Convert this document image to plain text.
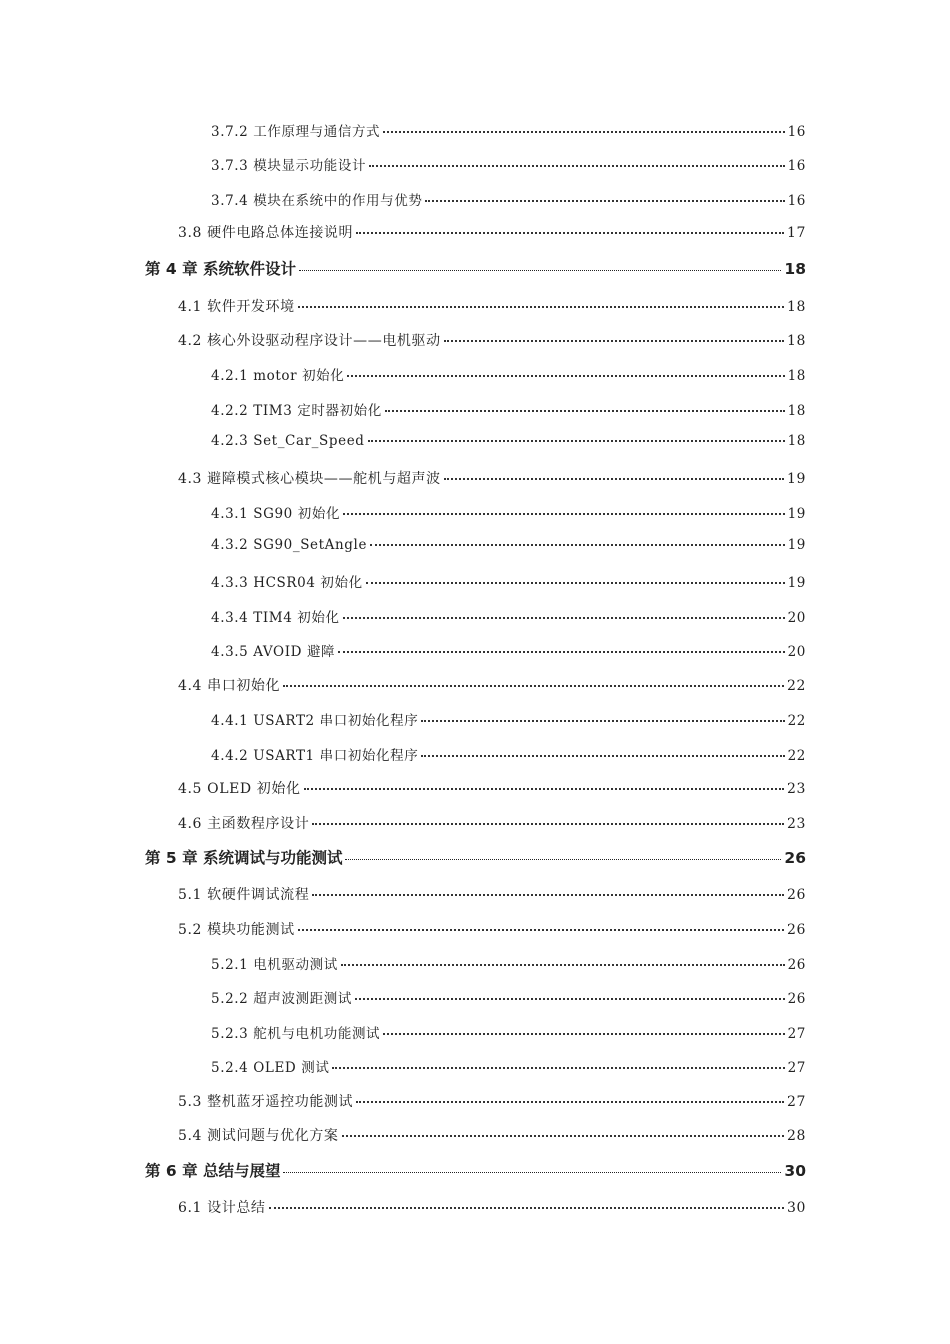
3.7.2 工作原理与通信方式	16
3.7.3 模块显示功能设计	16
3.7.4 模块在系统中的作用与优势	16
3.8 硬件电路总体连接说明	17
第 4 章 系统软件设计	18
4.1 软件开发环境	18
4.2 核心外设驱动程序设计——电机驱动	18
4.2.1 motor 初始化	18
4.2.2 TIM3 定时器初始化	18
4.2.3 Set_Car_Speed	18
4.3 避障模式核心模块——舵机与超声波	19
4.3.1 SG90 初始化	19
4.3.2 SG90_SetAngle	19
4.3.3 HCSR04 初始化	19
4.3.4 TIM4 初始化	20
4.3.5 AVOID 避障	20
4.4 串口初始化	22
4.4.1 USART2 串口初始化程序	22
4.4.2 USART1 串口初始化程序	22
4.5 OLED 初始化	23
4.6 主函数程序设计	23
第 5 章 系统调试与功能测试	26
5.1 软硬件调试流程	26
5.2 模块功能测试	26
5.2.1 电机驱动测试	26
5.2.2 超声波测距测试	26
5.2.3 舵机与电机功能测试	27
5.2.4 OLED 测试	27
5.3 整机蓝牙遥控功能测试	27
5.4 测试问题与优化方案	28
第 6 章 总结与展望	30
6.1 设计总结	30
